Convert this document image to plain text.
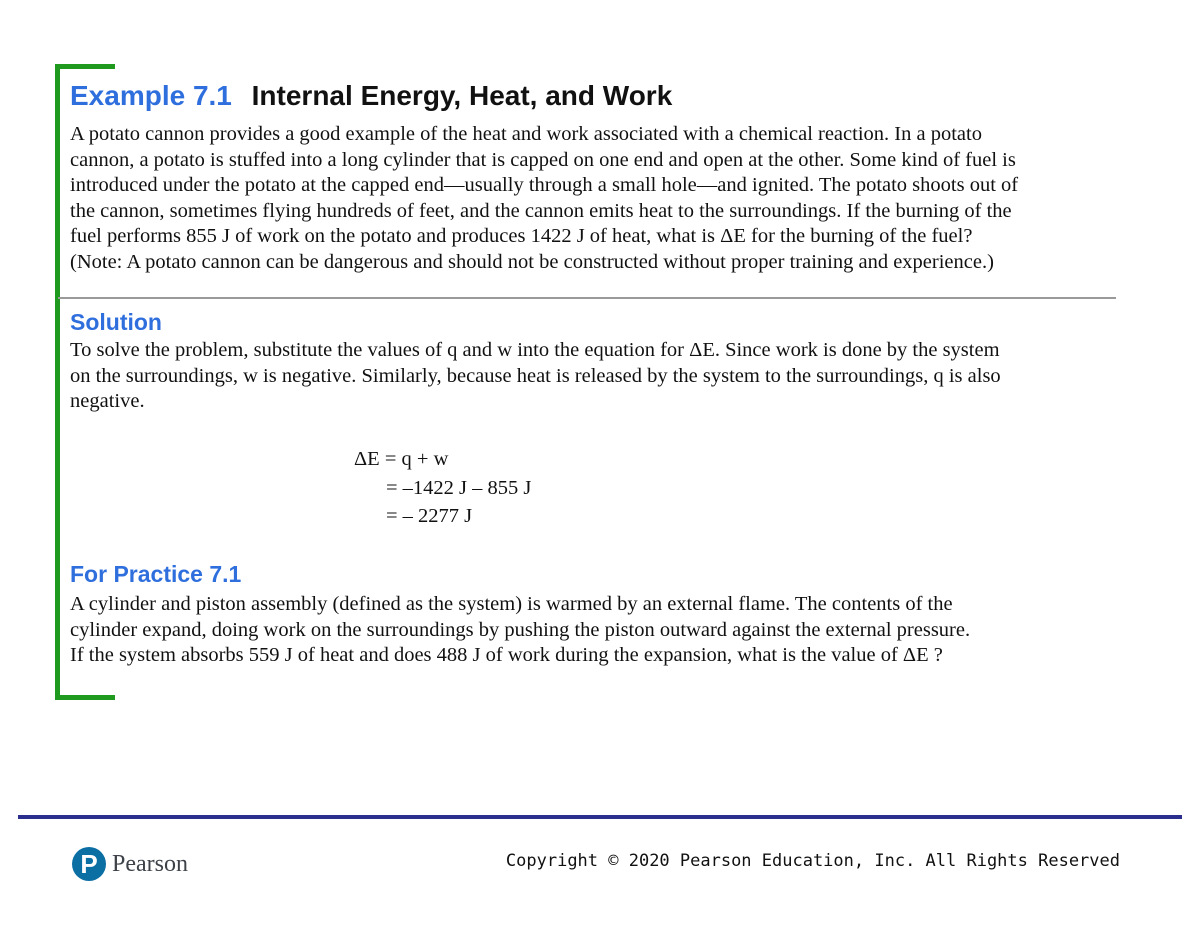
Example 7.1 Internal Energy, Heat, and Work
A potato cannon provides a good example of the heat and work associated with a chemical reaction. In a potato
cannon, a potato is stuffed into a long cylinder that is capped on one end and open at the other. Some kind of fuel is
introduced under the potato at the capped end—usually through a small hole—and ignited. The potato shoots out of
the cannon, sometimes flying hundreds of feet, and the cannon emits heat to the surroundings. If the burning of the
fuel performs 855 J of work on the potato and produces 1422 J of heat, what is ΔE for the burning of the fuel?
(Note: A potato cannon can be dangerous and should not be constructed without proper training and experience.)
Solution
To solve the problem, substitute the values of q and w into the equation for ΔE. Since work is done by the system
on the surroundings, w is negative. Similarly, because heat is released by the system to the surroundings, q is also
negative.
ΔE = q + w
= –1422 J – 855 J
= – 2277 J
For Practice 7.1
A cylinder and piston assembly (defined as the system) is warmed by an external flame. The contents of the
cylinder expand, doing work on the surroundings by pushing the piston outward against the external pressure.
If the system absorbs 559 J of heat and does 488 J of work during the expansion, what is the value of ΔE ?
P Pearson	Copyright © 2020 Pearson Education, Inc. All Rights Reserved
